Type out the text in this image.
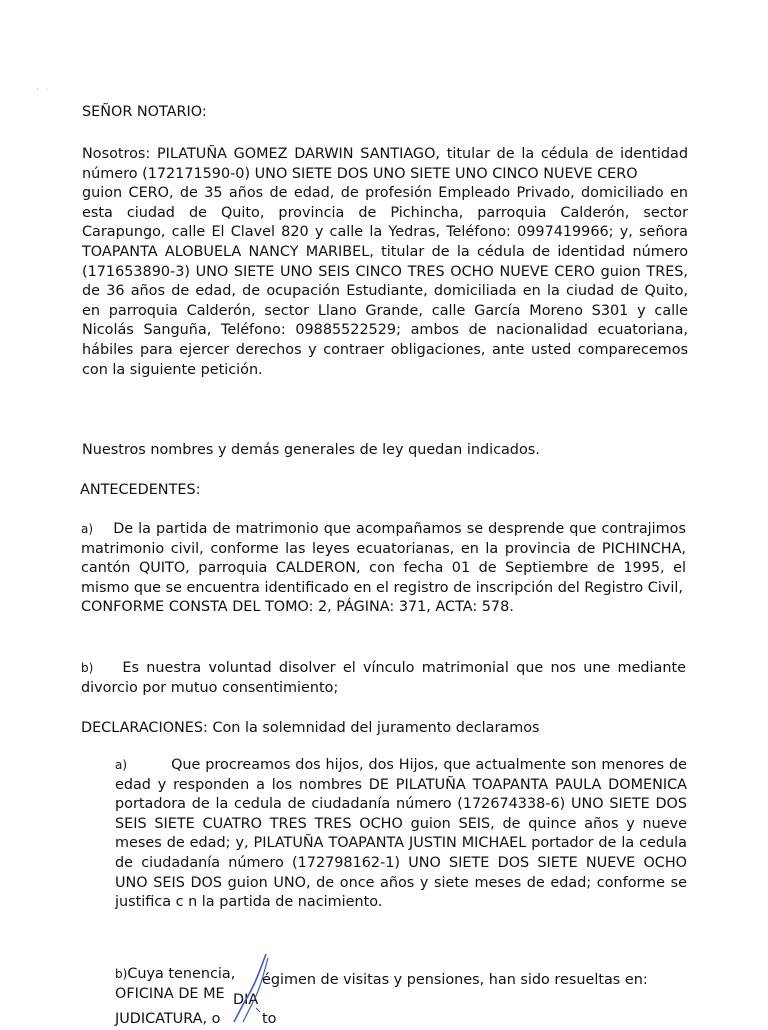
˙ ˙
SEÑOR NOTARIO:
Nosotros: PILATUÑA GOMEZ DARWIN SANTIAGO, titular de la cédula de identidad número (172171590-0) UNO SIETE DOS UNO SIETE UNO CINCO NUEVE CERO
guion CERO, de 35 años de edad, de profesión Empleado Privado, domiciliado en esta ciudad de Quito, provincia de Pichincha, parroquia Calderón, sector Carapungo, calle El Clavel 820 y calle la Yedras, Teléfono: 0997419966; y, señora TOAPANTA ALOBUELA NANCY MARIBEL, titular de la cédula de identidad número (171653890-3) UNO SIETE UNO SEIS CINCO TRES OCHO NUEVE CERO guion TRES, de 36 años de edad, de ocupación Estudiante, domiciliada en la ciudad de Quito, en parroquia Calderón, sector Llano Grande, calle García Moreno S301 y calle Nicolás Sanguña, Teléfono: 09885522529; ambos de nacionalidad ecuatoriana, hábiles para ejercer derechos y contraer obligaciones, ante usted comparecemos con la siguiente petición.
Nuestros nombres y demás generales de ley quedan indicados.
ANTECEDENTES:
a) De la partida de matrimonio que acompañamos se desprende que contrajimos matrimonio civil, conforme las leyes ecuatorianas, en la provincia de PICHINCHA, cantón QUITO, parroquia CALDERON, con fecha 01 de Septiembre de 1995, el mismo que se encuentra identificado en el registro de inscripción del Registro Civil,
CONFORME CONSTA DEL TOMO: 2, PÁGINA: 371, ACTA: 578.
b) Es nuestra voluntad disolver el vínculo matrimonial que nos une mediante divorcio por mutuo consentimiento;
DECLARACIONES: Con la solemnidad del juramento declaramos
a)	Que procreamos dos hijos, dos Hijos, que actualmente son menores de edad y responden a los nombres DE PILATUÑA TOAPANTA PAULA DOMENICA portadora de la cedula de ciudadanía número (172674338-6) UNO SIETE DOS SEIS SIETE CUATRO TRES TRES OCHO guion SEIS, de quince años y nueve meses de edad; y, PILATUÑA TOAPANTA JUSTIN MICHAEL portador de la cedula de ciudadanía número (172798162-1) UNO SIETE DOS SIETE NUEVE OCHO UNO SEIS DOS guion UNO, de once años y siete meses de edad; conforme se justifica c n la partida de nacimiento.
b)Cuya tenencia, égimen de visitas y pensiones, han sido resueltas en:
OFICINA DE ME DIA
JUDICATURA, o	to
